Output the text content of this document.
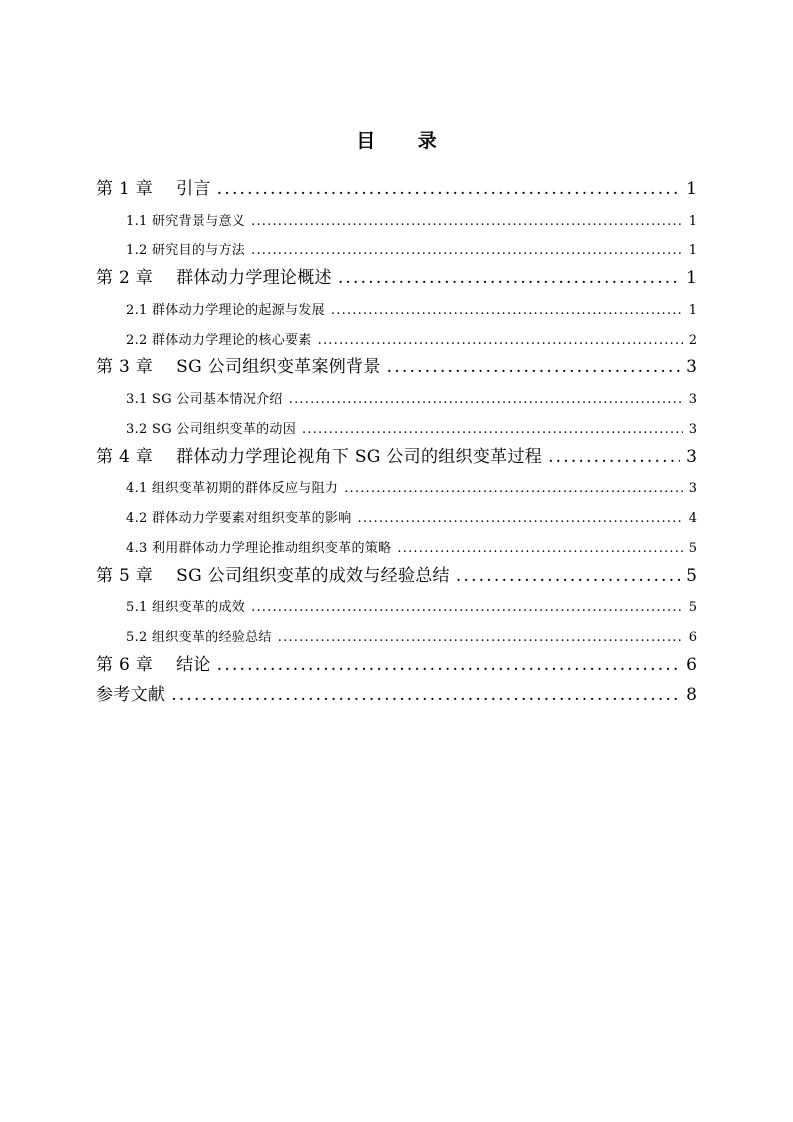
目 录
第 1 章　 引言 .....	1
1.1 研究背景与意义 .....	1
1.2 研究目的与方法 .....	1
第 2 章　 群体动力学理论概述 .....	1
2.1 群体动力学理论的起源与发展 .....	1
2.2 群体动力学理论的核心要素 .....	2
第 3 章　 SG 公司组织变革案例背景 .....	3
3.1 SG 公司基本情况介绍 .....	3
3.2 SG 公司组织变革的动因 .....	3
第 4 章　 群体动力学理论视角下 SG 公司的组织变革过程 .....	3
4.1 组织变革初期的群体反应与阻力 .....	3
4.2 群体动力学要素对组织变革的影响 .....	4
4.3 利用群体动力学理论推动组织变革的策略 .....	5
第 5 章　 SG 公司组织变革的成效与经验总结 .....	5
5.1 组织变革的成效 .....	5
5.2 组织变革的经验总结 .....	6
第 6 章　 结论 .....	6
参考文献 .....	8
